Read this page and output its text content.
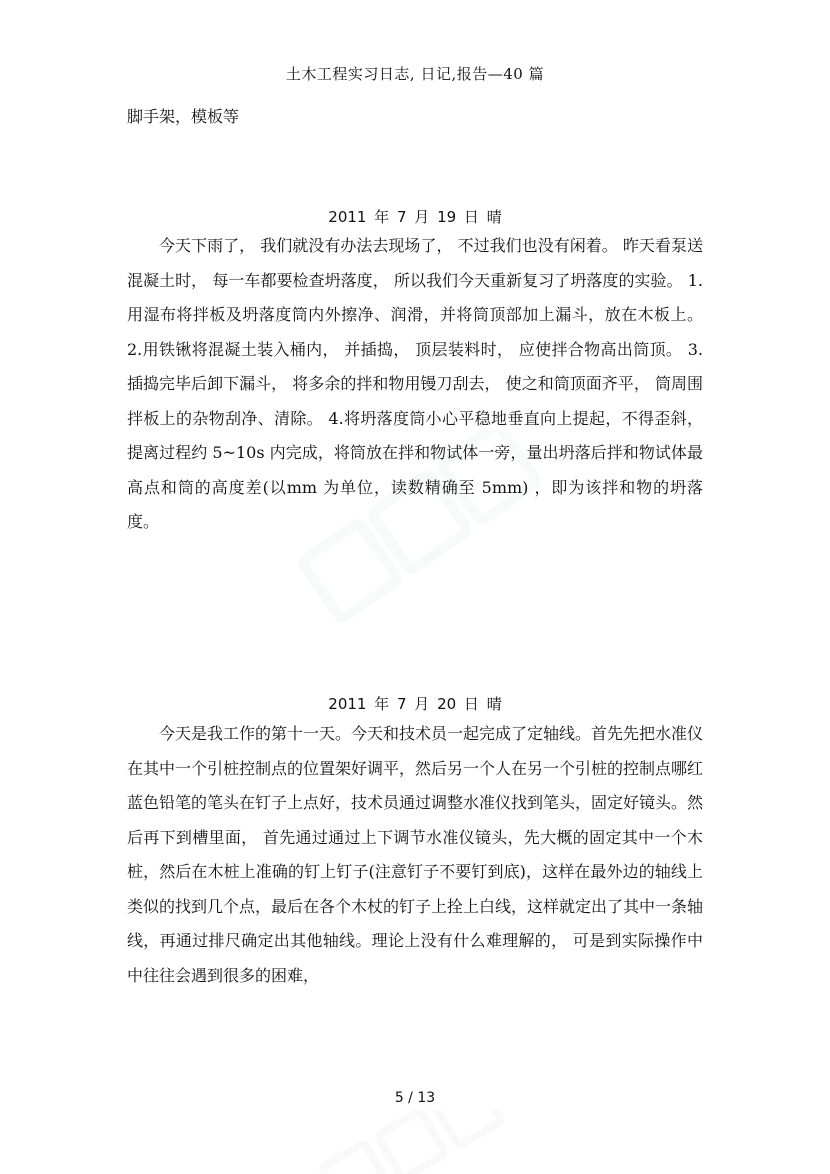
土木工程实习日志, 日记,报告—40 篇
脚手架，模板等
2011 年 7 月 19 日 晴

今天下雨了， 我们就没有办法去现场了， 不过我们也没有闲着。 昨天看泵送混凝土时， 每一车都要检查坍落度， 所以我们今天重新复习了坍落度的实验。 1. 用湿布将拌板及坍落度筒内外擦净、润滑，并将筒顶部加上漏斗，放在木板上。 2.用铁锹将混凝土装入桶内， 并插捣， 顶层装料时， 应使拌合物高出筒顶。 3. 插捣完毕后卸下漏斗， 将多余的拌和物用镘刀刮去， 使之和筒顶面齐平， 筒周围拌板上的杂物刮净、清除。 4.将坍落度筒小心平稳地垂直向上提起，不得歪斜，提离过程约 5~10s 内完成，将筒放在拌和物试体一旁，量出坍落后拌和物试体最高点和筒的高度差(以mm 为单位，读数精确至 5mm) ，即为该拌和物的坍落度。

2011 年 7 月 20 日 晴

今天是我工作的第十一天。今天和技术员一起完成了定轴线。首先先把水准仪在其中一个引桩控制点的位置架好调平，然后另一个人在另一个引桩的控制点哪红蓝色铅笔的笔头在钉子上点好，技术员通过调整水准仪找到笔头，固定好镜头。然后再下到槽里面， 首先通过通过上下调节水准仪镜头，先大概的固定其中一个木桩，然后在木桩上准确的钉上钉子(注意钉子不要钉到底)，这样在最外边的轴线上类似的找到几个点，最后在各个木杖的钉子上拴上白线，这样就定出了其中一条轴线，再通过排尺确定出其他轴线。理论上没有什么难理解的， 可是到实际操作中中往往会遇到很多的困难，

5 / 13
